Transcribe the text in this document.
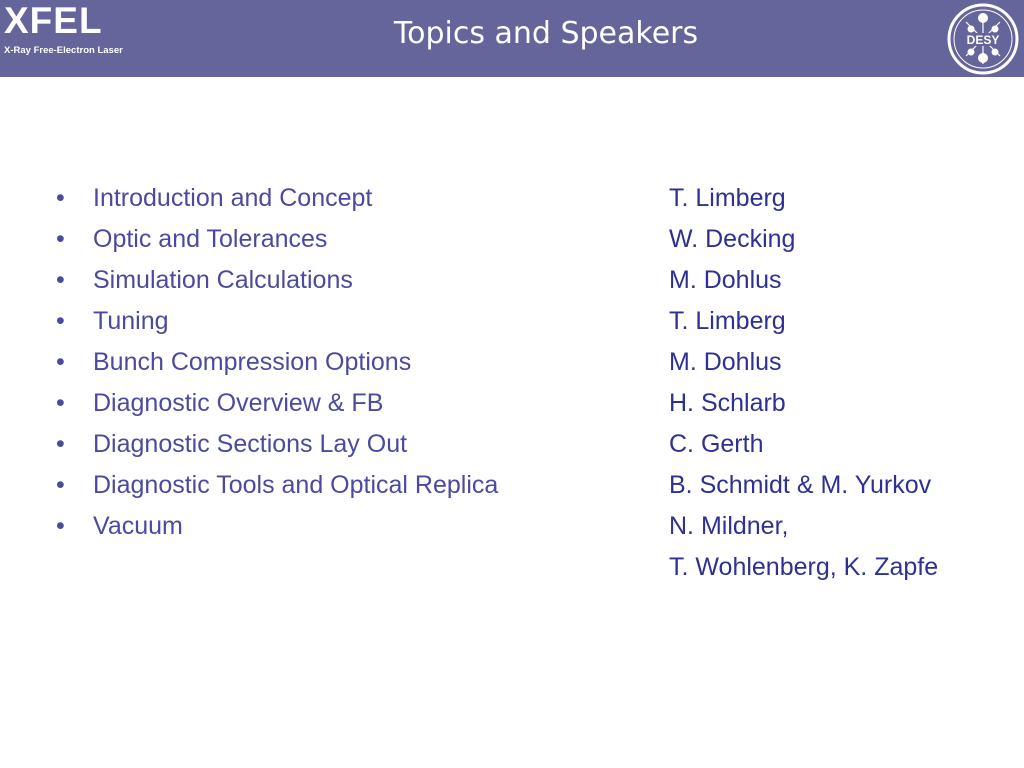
XFEL
X-Ray Free-Electron Laser	Topics and Speakers	DESY
• Introduction and Concept
• Optic and Tolerances
• Simulation Calculations
• Tuning
• Bunch Compression Options
• Diagnostic Overview & FB
• Diagnostic Sections Lay Out
• Diagnostic Tools and Optical Replica
• Vacuum
T. Limberg
W. Decking
M. Dohlus
T. Limberg
M. Dohlus
H. Schlarb
C. Gerth
B. Schmidt & M. Yurkov
N. Mildner,
T. Wohlenberg, K. Zapfe
